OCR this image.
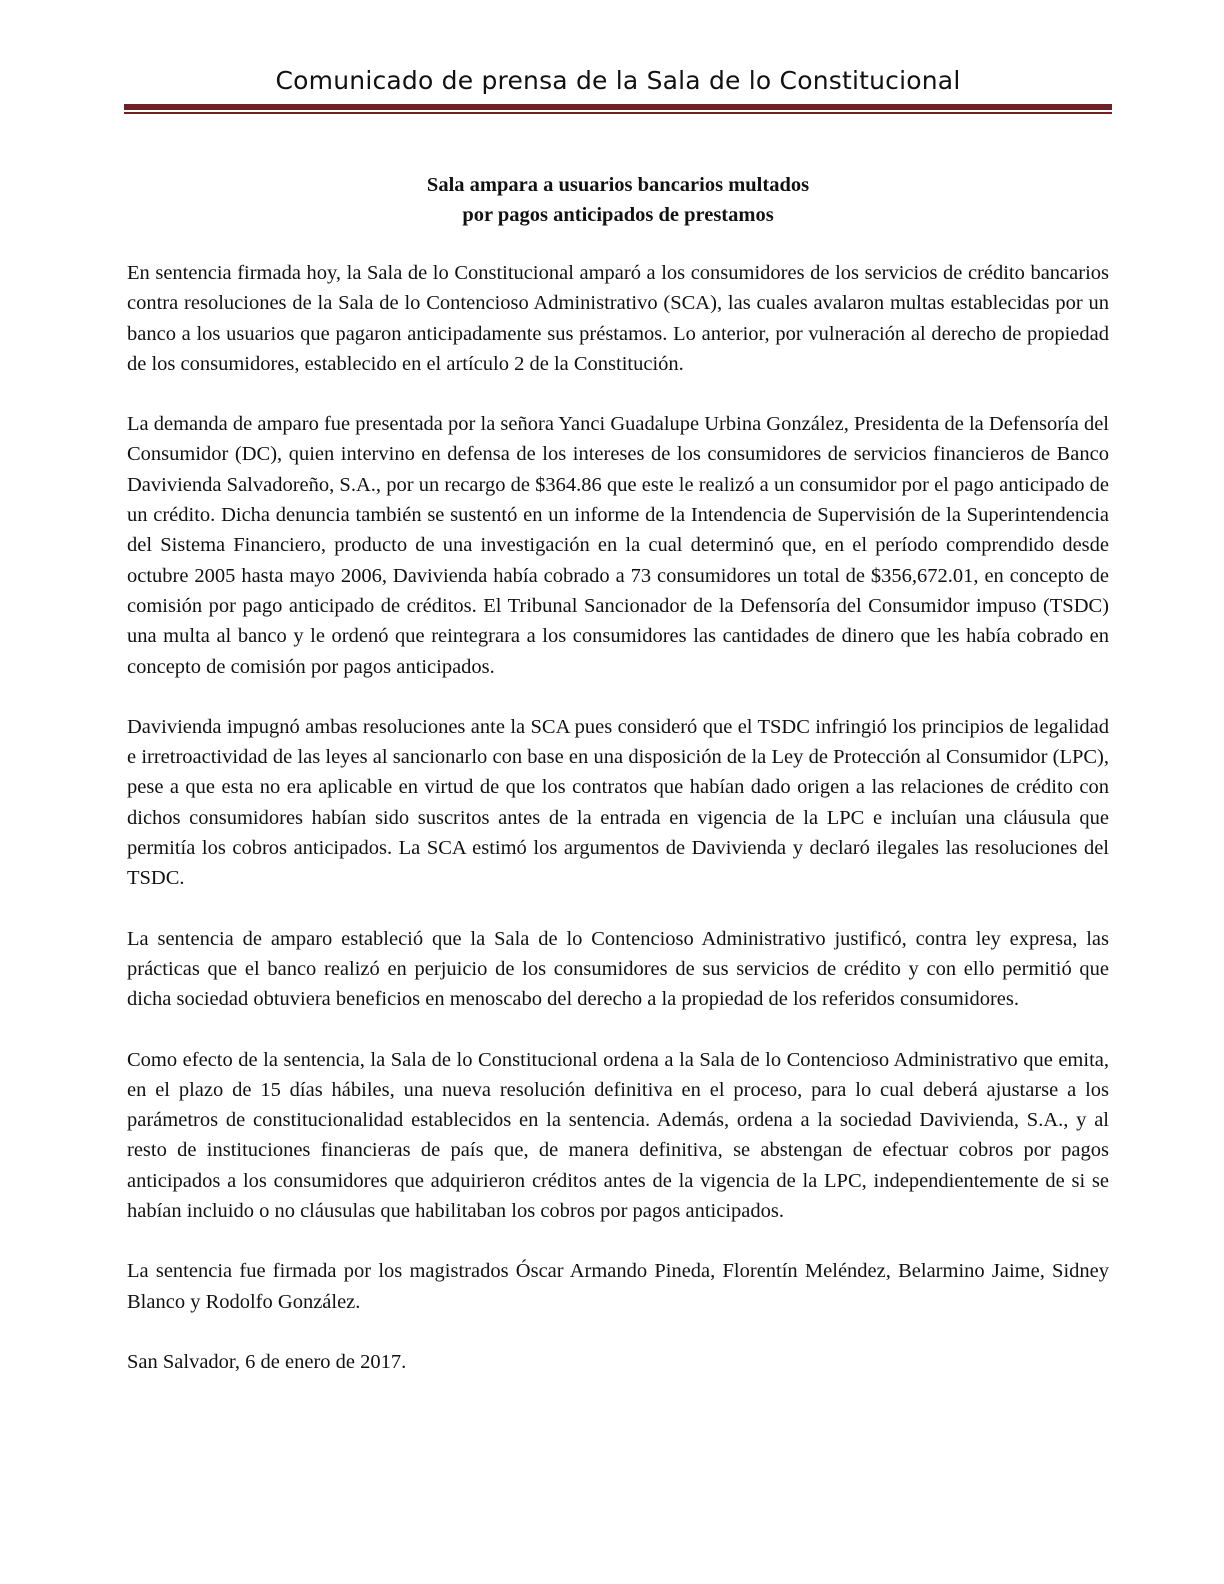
Comunicado de prensa de la Sala de lo Constitucional
Sala ampara a usuarios bancarios multados
por pagos anticipados de prestamos

En sentencia firmada hoy, la Sala de lo Constitucional amparó a los consumidores de los servicios de crédito bancarios contra resoluciones de la Sala de lo Contencioso Administrativo (SCA), las cuales avalaron multas establecidas por un banco a los usuarios que pagaron anticipadamente sus préstamos. Lo anterior, por vulneración al derecho de propiedad de los consumidores, establecido en el artículo 2 de la Constitución.

La demanda de amparo fue presentada por la señora Yanci Guadalupe Urbina González, Presidenta de la Defensoría del Consumidor (DC), quien intervino en defensa de los intereses de los consumidores de servicios financieros de Banco Davivienda Salvadoreño, S.A., por un recargo de $364.86 que este le realizó a un consumidor por el pago anticipado de un crédito. Dicha denuncia también se sustentó en un informe de la Intendencia de Supervisión de la Superintendencia del Sistema Financiero, producto de una investigación en la cual determinó que, en el período comprendido desde octubre 2005 hasta mayo 2006, Davivienda había cobrado a 73 consumidores un total de $356,672.01, en concepto de comisión por pago anticipado de créditos. El Tribunal Sancionador de la Defensoría del Consumidor impuso (TSDC) una multa al banco y le ordenó que reintegrara a los consumidores las cantidades de dinero que les había cobrado en concepto de comisión por pagos anticipados.

Davivienda impugnó ambas resoluciones ante la SCA pues consideró que el TSDC infringió los principios de legalidad e irretroactividad de las leyes al sancionarlo con base en una disposición de la Ley de Protección al Consumidor (LPC), pese a que esta no era aplicable en virtud de que los contratos que habían dado origen a las relaciones de crédito con dichos consumidores habían sido suscritos antes de la entrada en vigencia de la LPC e incluían una cláusula que permitía los cobros anticipados. La SCA estimó los argumentos de Davivienda y declaró ilegales las resoluciones del TSDC.

La sentencia de amparo estableció que la Sala de lo Contencioso Administrativo justificó, contra ley expresa, las prácticas que el banco realizó en perjuicio de los consumidores de sus servicios de crédito y con ello permitió que dicha sociedad obtuviera beneficios en menoscabo del derecho a la propiedad de los referidos consumidores.

Como efecto de la sentencia, la Sala de lo Constitucional ordena a la Sala de lo Contencioso Administrativo que emita, en el plazo de 15 días hábiles, una nueva resolución definitiva en el proceso, para lo cual deberá ajustarse a los parámetros de constitucionalidad establecidos en la sentencia. Además, ordena a la sociedad Davivienda, S.A., y al resto de instituciones financieras de país que, de manera definitiva, se abstengan de efectuar cobros por pagos anticipados a los consumidores que adquirieron créditos antes de la vigencia de la LPC, independientemente de si se habían incluido o no cláusulas que habilitaban los cobros por pagos anticipados.

La sentencia fue firmada por los magistrados Óscar Armando Pineda, Florentín Meléndez, Belarmino Jaime, Sidney Blanco y Rodolfo González.

San Salvador, 6 de enero de 2017.
